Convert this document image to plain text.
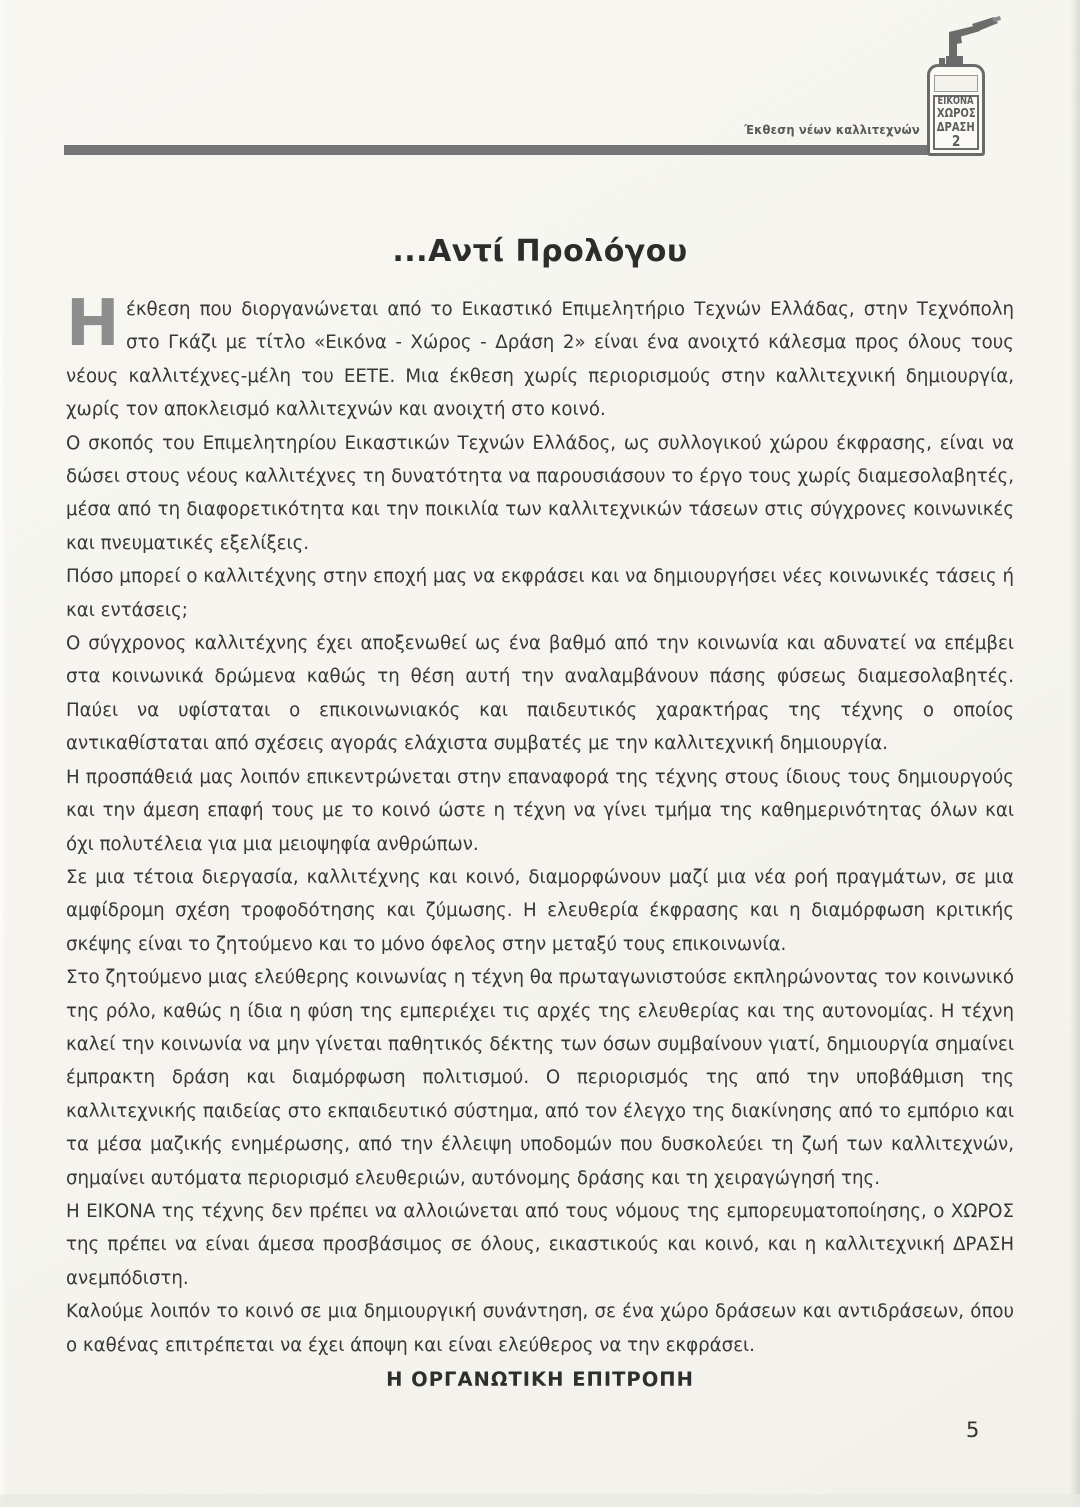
Έκθεση νέων καλλιτεχνών
ΕΙΚΟΝΑ
ΧΩΡΟΣ
ΔΡΑΣΗ
2
...Αντί Προλόγου

Ηέκθεση που διοργανώνεται από το Εικαστικό Επιμελητήριο Τεχνών Ελλάδας, στην Τεχνόπολη στο Γκάζι με τίτλο «Εικόνα - Χώρος - Δράση 2» είναι ένα ανοιχτό κάλεσμα προς όλους τους νέους καλλιτέχνες-μέλη του ΕΕΤΕ. Μια έκθεση χωρίς περιορισμούς στην καλλιτεχνική δημιουργία, χωρίς τον αποκλεισμό καλλιτεχνών και ανοιχτή στο κοινό.

Ο σκοπός του Επιμελητηρίου Εικαστικών Τεχνών Ελλάδος, ως συλλογικού χώρου έκφρασης, είναι να δώσει στους νέους καλλιτέχνες τη δυνατότητα να παρουσιάσουν το έργο τους χωρίς διαμεσολαβητές, μέσα από τη διαφορετικότητα και την ποικιλία των καλλιτεχνικών τάσεων στις σύγχρονες κοινωνικές και πνευματικές εξελίξεις.

Πόσο μπορεί ο καλλιτέχνης στην εποχή μας να εκφράσει και να δημιουργήσει νέες κοινωνικές τάσεις ή και εντάσεις;

Ο σύγχρονος καλλιτέχνης έχει αποξενωθεί ως ένα βαθμό από την κοινωνία και αδυνατεί να επέμβει στα κοινωνικά δρώμενα καθώς τη θέση αυτή την αναλαμβάνουν πάσης φύσεως διαμεσολαβητές. Παύει να υφίσταται ο επικοινωνιακός και παιδευτικός χαρακτήρας της τέχνης ο οποίος αντικαθίσταται από σχέσεις αγοράς ελάχιστα συμβατές με την καλλιτεχνική δημιουργία.

Η προσπάθειά μας λοιπόν επικεντρώνεται στην επαναφορά της τέχνης στους ίδιους τους δημιουργούς και την άμεση επαφή τους με το κοινό ώστε η τέχνη να γίνει τμήμα της καθημερινότητας όλων και όχι πολυτέλεια για μια μειοψηφία ανθρώπων.

Σε μια τέτοια διεργασία, καλλιτέχνης και κοινό, διαμορφώνουν μαζί μια νέα ροή πραγμάτων, σε μια αμφίδρομη σχέση τροφοδότησης και ζύμωσης. Η ελευθερία έκφρασης και η διαμόρφωση κριτικής σκέψης είναι το ζητούμενο και το μόνο όφελος στην μεταξύ τους επικοινωνία.

Στο ζητούμενο μιας ελεύθερης κοινωνίας η τέχνη θα πρωταγωνιστούσε εκπληρώνοντας τον κοινωνικό της ρόλο, καθώς η ίδια η φύση της εμπεριέχει τις αρχές της ελευθερίας και της αυτονομίας. Η τέχνη καλεί την κοινωνία να μην γίνεται παθητικός δέκτης των όσων συμβαίνουν γιατί, δημιουργία σημαίνει έμπρακτη δράση και διαμόρφωση πολιτισμού. Ο περιορισμός της από την υποβάθμιση της καλλιτεχνικής παιδείας στο εκπαιδευτικό σύστημα, από τον έλεγχο της διακίνησης από το εμπόριο και τα μέσα μαζικής ενημέρωσης, από την έλλειψη υποδομών που δυσκολεύει τη ζωή των καλλιτεχνών, σημαίνει αυτόματα περιορισμό ελευθεριών, αυτόνομης δράσης και τη χειραγώγησή της.

Η ΕΙΚΟΝΑ της τέχνης δεν πρέπει να αλλοιώνεται από τους νόμους της εμπορευματοποίησης, ο ΧΩΡΟΣ της πρέπει να είναι άμεσα προσβάσιμος σε όλους, εικαστικούς και κοινό, και η καλλιτεχνική ΔΡΑΣΗ ανεμπόδιστη.

Καλούμε λοιπόν το κοινό σε μια δημιουργική συνάντηση, σε ένα χώρο δράσεων και αντιδράσεων, όπου ο καθένας επιτρέπεται να έχει άποψη και είναι ελεύθερος να την εκφράσει.

Η ΟΡΓΑΝΩΤΙΚΗ ΕΠΙΤΡΟΠΗ
5
